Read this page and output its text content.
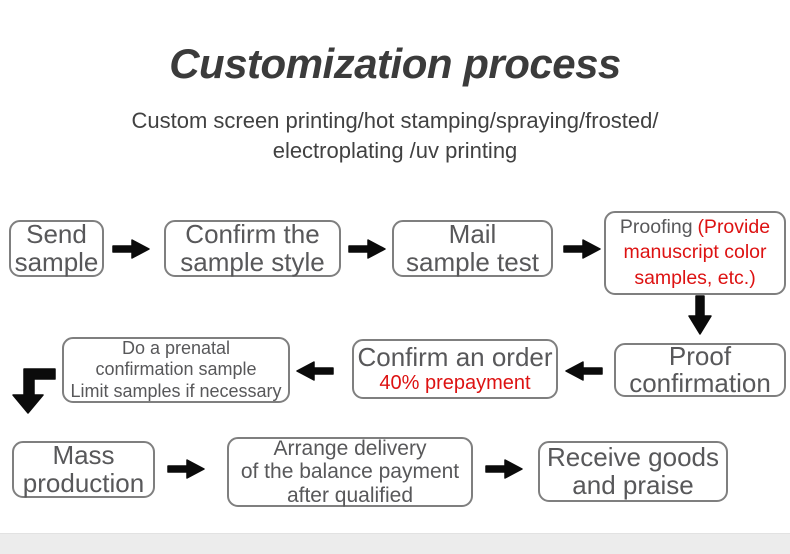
Customization process
Custom screen printing/hot stamping/spraying/frosted/
electroplating /uv printing
Send
sample
Confirm the
sample style
Mail
sample test
Proofing (Provide
manuscript color
samples, etc.)
Proof
confirmation
Confirm an order
40% prepayment
Do a prenatal
confirmation sample
Limit samples if necessary
Mass
production
Arrange delivery
of the balance payment
after qualified
Receive goods
and praise
